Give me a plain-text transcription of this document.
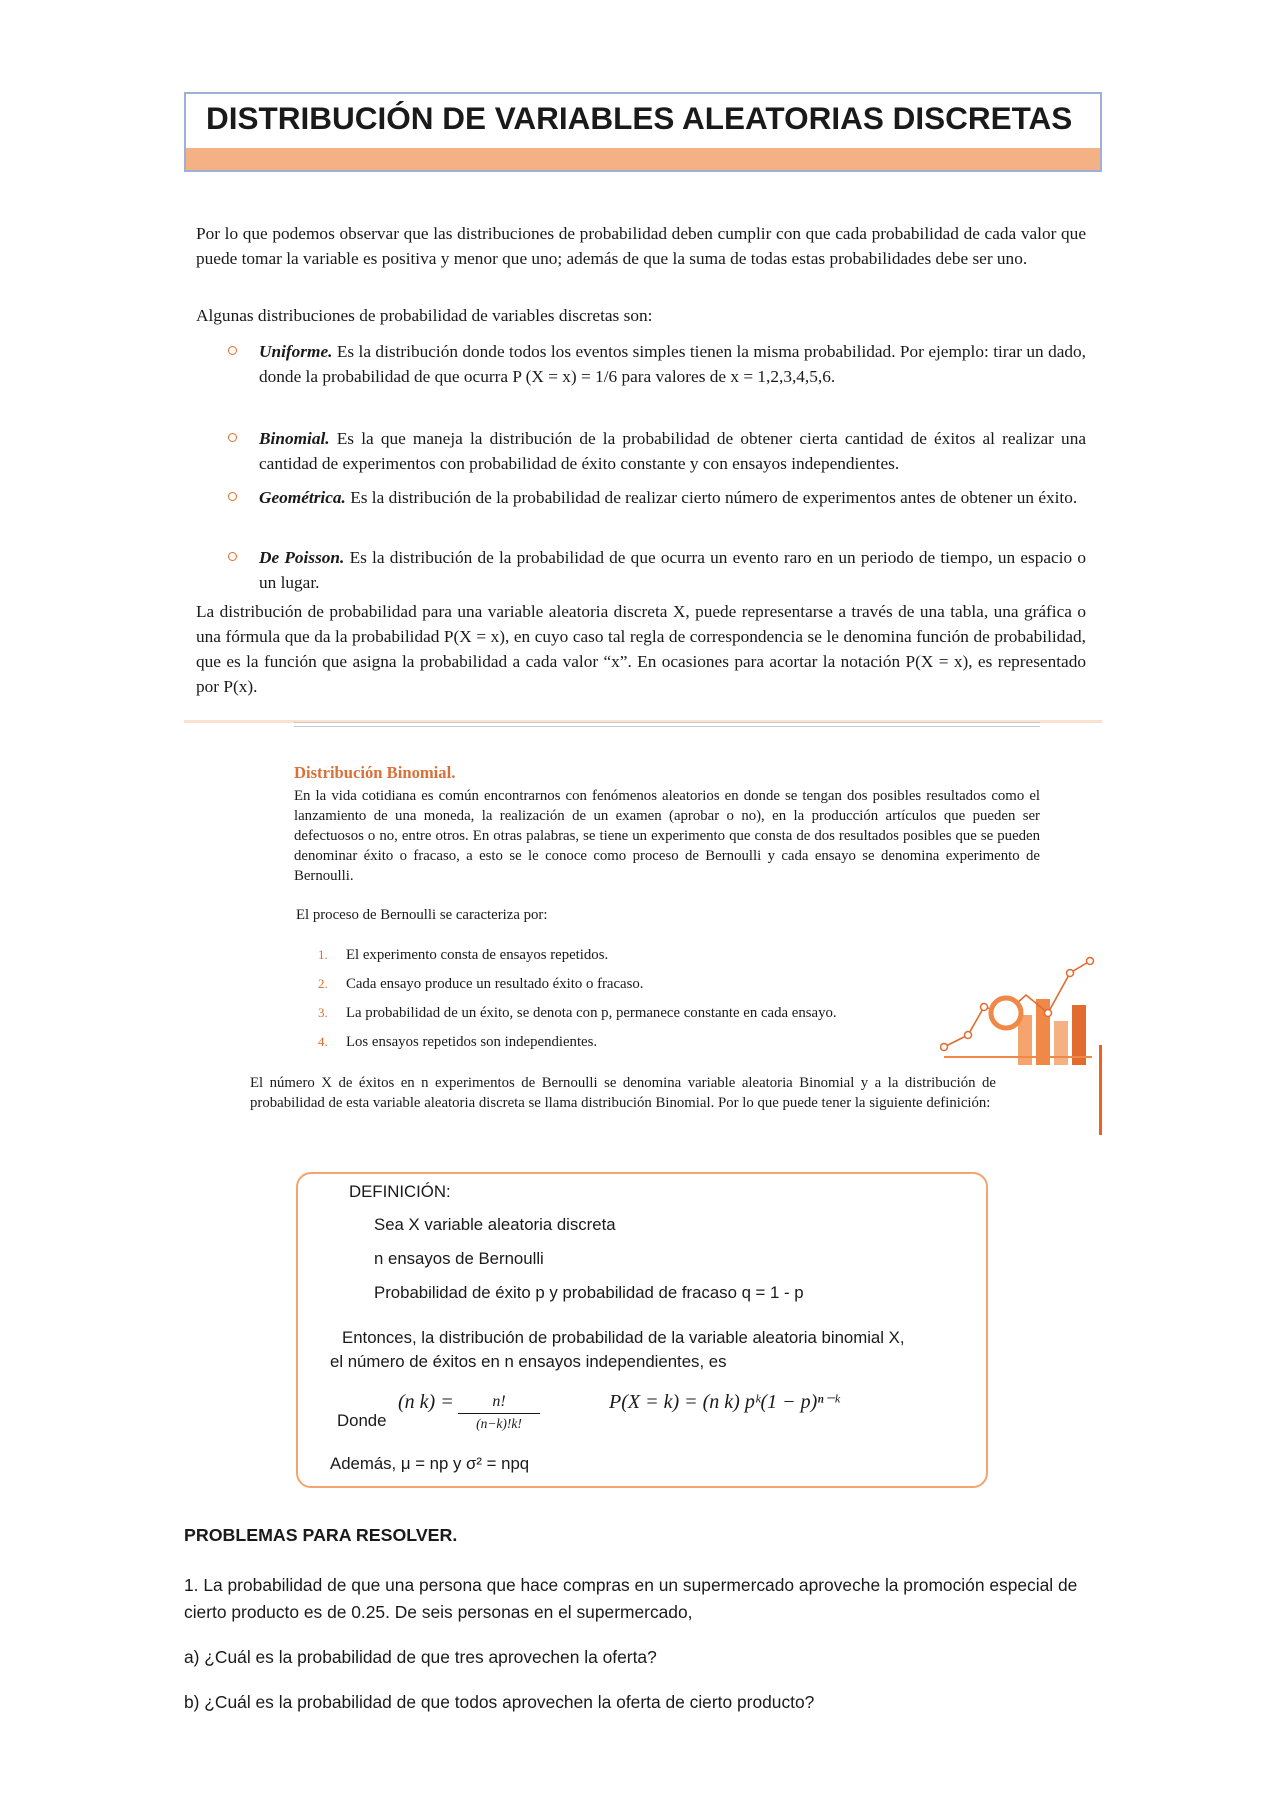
DISTRIBUCIÓN DE VARIABLES ALEATORIAS DISCRETAS
Por lo que podemos observar que las distribuciones de probabilidad deben cumplir con que cada probabilidad de cada valor que puede tomar la variable es positiva y menor que uno; además de que la suma de todas estas probabilidades debe ser uno.
Algunas distribuciones de probabilidad de variables discretas son:
Uniforme. Es la distribución donde todos los eventos simples tienen la misma probabilidad. Por ejemplo: tirar un dado, donde la probabilidad de que ocurra P (X = x) = 1/6 para valores de x = 1,2,3,4,5,6.
Binomial. Es la que maneja la distribución de la probabilidad de obtener cierta cantidad de éxitos al realizar una cantidad de experimentos con probabilidad de éxito constante y con ensayos independientes.
Geométrica. Es la distribución de la probabilidad de realizar cierto número de experimentos antes de obtener un éxito.
De Poisson. Es la distribución de la probabilidad de que ocurra un evento raro en un periodo de tiempo, un espacio o un lugar.
La distribución de probabilidad para una variable aleatoria discreta X, puede representarse a través de una tabla, una gráfica o una fórmula que da la probabilidad P(X = x), en cuyo caso tal regla de correspondencia se le denomina función de probabilidad, que es la función que asigna la probabilidad a cada valor “x”. En ocasiones para acortar la notación P(X = x), es representado por P(x).
Distribución Binomial.
En la vida cotidiana es común encontrarnos con fenómenos aleatorios en donde se tengan dos posibles resultados como el lanzamiento de una moneda, la realización de un examen (aprobar o no), en la producción artículos que pueden ser defectuosos o no, entre otros. En otras palabras, se tiene un experimento que consta de dos resultados posibles que se pueden denominar éxito o fracaso, a esto se le conoce como proceso de Bernoulli y cada ensayo se denomina experimento de Bernoulli.
El proceso de Bernoulli se caracteriza por:
1.	El experimento consta de ensayos repetidos.
2.	Cada ensayo produce un resultado éxito o fracaso.
3.	La probabilidad de un éxito, se denota con p, permanece constante en cada ensayo.
4.	Los ensayos repetidos son independientes.
El número X de éxitos en n experimentos de Bernoulli se denomina variable aleatoria Binomial y a la distribución de probabilidad de esta variable aleatoria discreta se llama distribución Binomial. Por lo que puede tener la siguiente definición:
DEFINICIÓN:
Sea X variable aleatoria discreta
n ensayos de Bernoulli
Probabilidad de éxito p y probabilidad de fracaso q = 1 - p
Entonces, la distribución de probabilidad de la variable aleatoria binomial X,
el número de éxitos en n ensayos independientes, es
Donde
(n k) =	n!
(n−k)!k!
P(X = k) = (n k) pᵏ(1 − p)ⁿ⁻ᵏ
Además, μ = np y σ² = npq
PROBLEMAS PARA RESOLVER.
1. La probabilidad de que una persona que hace compras en un supermercado aproveche la promoción especial de cierto producto es de 0.25. De seis personas en el supermercado,
a) ¿Cuál es la probabilidad de que tres aprovechen la oferta?
b) ¿Cuál es la probabilidad de que todos aprovechen la oferta de cierto producto?
